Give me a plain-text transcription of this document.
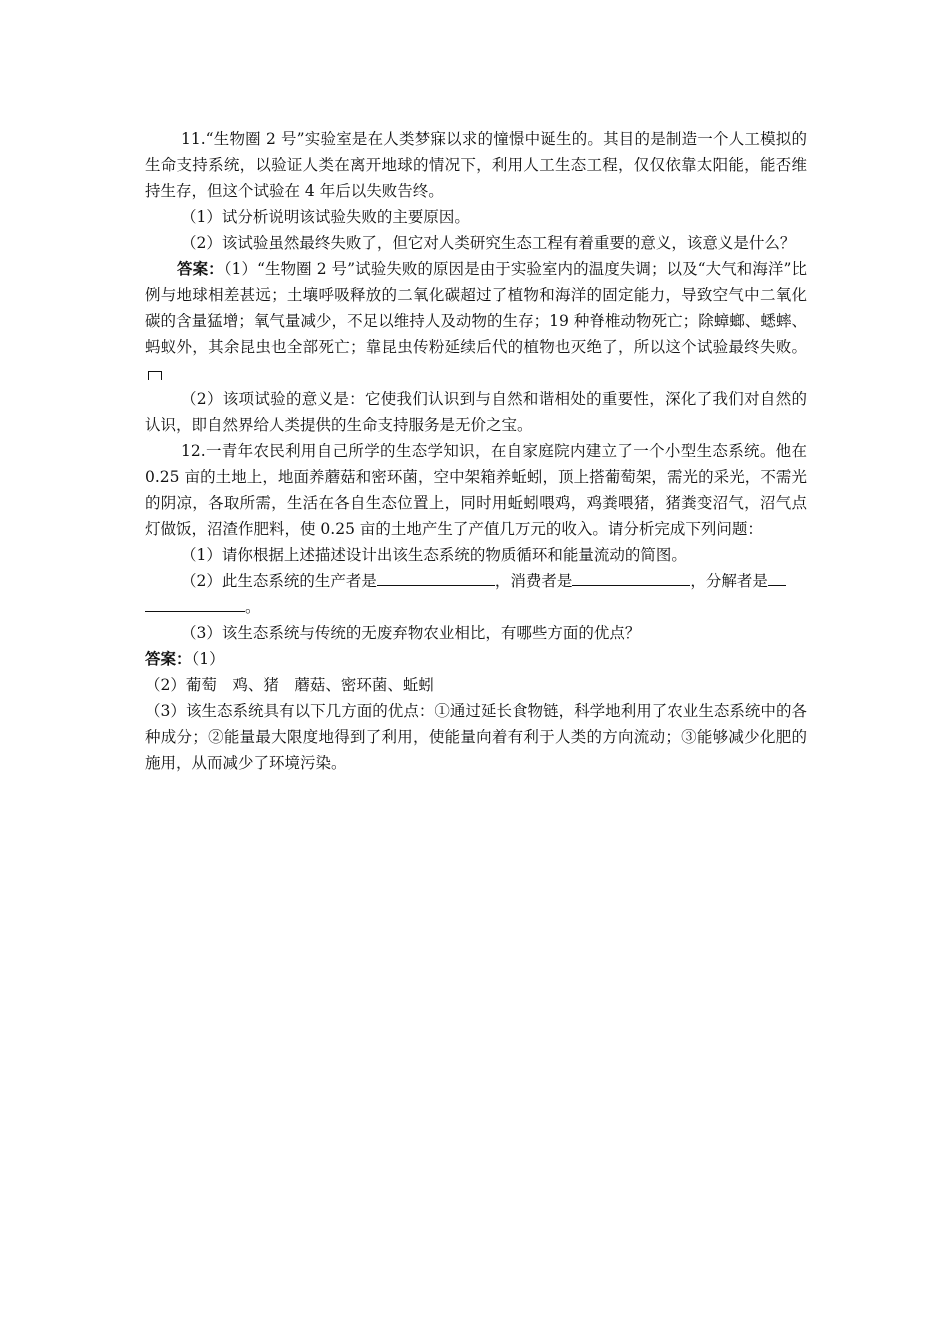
11.“生物圈 2 号”实验室是在人类梦寐以求的憧憬中诞生的。其目的是制造一个人工模拟的生命支持系统，以验证人类在离开地球的情况下，利用人工生态工程，仅仅依靠太阳能，能否维持生存，但这个试验在 4 年后以失败告终。

（1）试分析说明该试验失败的主要原因。

（2）该试验虽然最终失败了，但它对人类研究生态工程有着重要的意义，该意义是什么？

答案：（1）“生物圈 2 号”试验失败的原因是由于实验室内的温度失调；以及“大气和海洋”比例与地球相差甚远；土壤呼吸释放的二氧化碳超过了植物和海洋的固定能力，导致空气中二氧化碳的含量猛增；氧气量减少，不足以维持人及动物的生存；19 种脊椎动物死亡；除蟑螂、蟋蟀、蚂蚁外，其余昆虫也全部死亡；靠昆虫传粉延续后代的植物也灭绝了，所以这个试验最终失败。

（2）该项试验的意义是：它使我们认识到与自然和谐相处的重要性，深化了我们对自然的认识，即自然界给人类提供的生命支持服务是无价之宝。

12.一青年农民利用自己所学的生态学知识，在自家庭院内建立了一个小型生态系统。他在 0.25 亩的土地上，地面养蘑菇和密环菌，空中架箱养蚯蚓，顶上搭葡萄架，需光的采光，不需光的阴凉，各取所需，生活在各自生态位置上，同时用蚯蚓喂鸡，鸡粪喂猪，猪粪变沼气，沼气点灯做饭，沼渣作肥料，使 0.25 亩的土地产生了产值几万元的收入。请分析完成下列问题：

（1）请你根据上述描述设计出该生态系统的物质循环和能量流动的简图。

（2）此生态系统的生产者是	，消费者是	，分解者是

。

（3）该生态系统与传统的无废弃物农业相比，有哪些方面的优点？

答案：（1）

（2）葡萄　鸡、猪　蘑菇、密环菌、蚯蚓

（3）该生态系统具有以下几方面的优点：①通过延长食物链，科学地利用了农业生态系统中的各种成分；②能量最大限度地得到了利用，使能量向着有利于人类的方向流动；③能够减少化肥的施用，从而减少了环境污染。
